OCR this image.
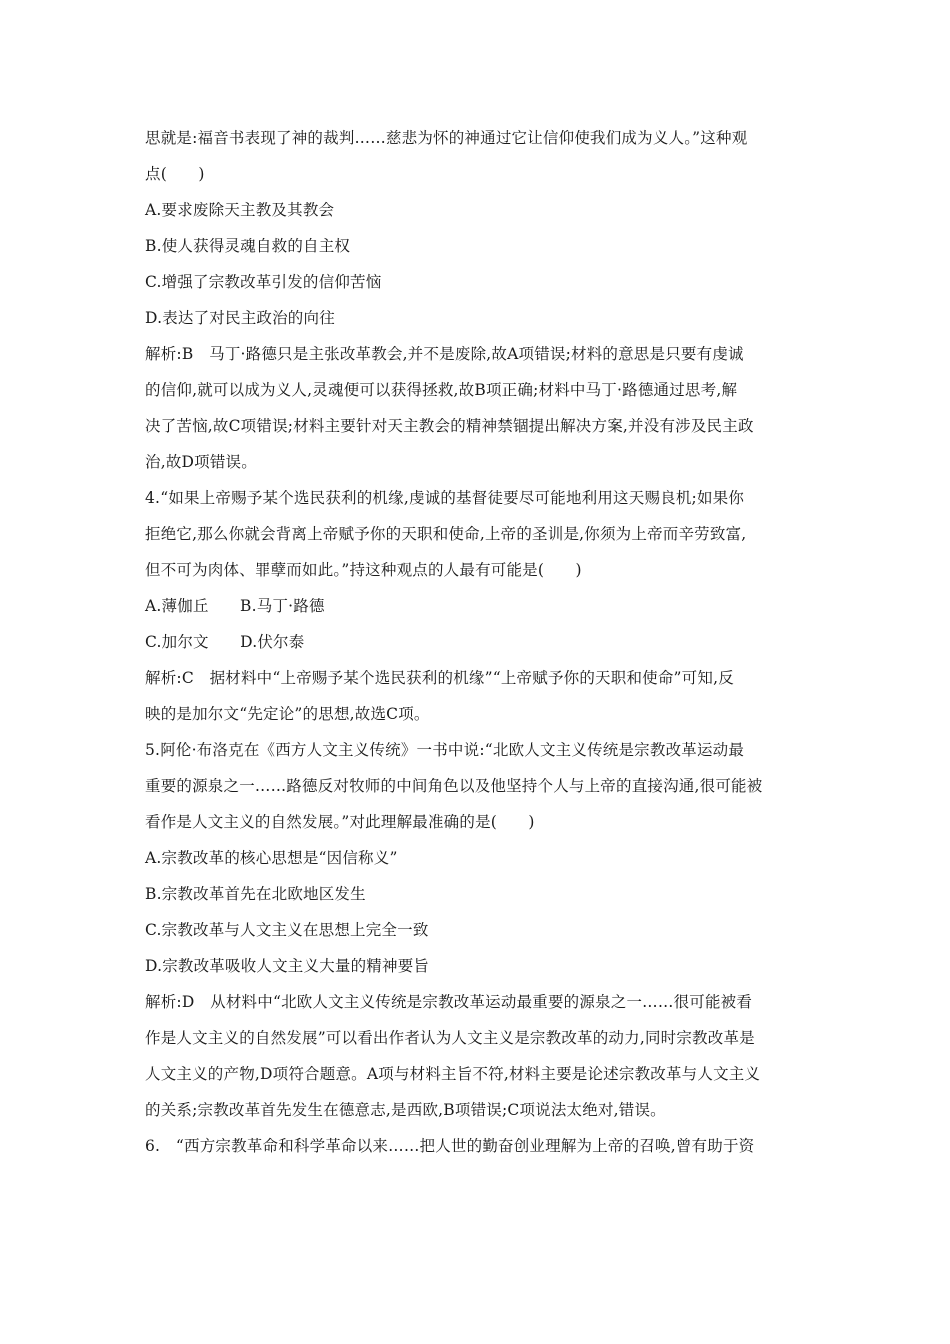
思就是:福音书表现了神的裁判……慈悲为怀的神通过它让信仰使我们成为义人。”这种观
点(　　)
A.要求废除天主教及其教会
B.使人获得灵魂自救的自主权
C.增强了宗教改革引发的信仰苦恼
D.表达了对民主政治的向往
解析:B　马丁·路德只是主张改革教会,并不是废除,故A项错误;材料的意思是只要有虔诚
的信仰,就可以成为义人,灵魂便可以获得拯救,故B项正确;材料中马丁·路德通过思考,解
决了苦恼,故C项错误;材料主要针对天主教会的精神禁锢提出解决方案,并没有涉及民主政
治,故D项错误。
4.“如果上帝赐予某个选民获利的机缘,虔诚的基督徒要尽可能地利用这天赐良机;如果你
拒绝它,那么你就会背离上帝赋予你的天职和使命,上帝的圣训是,你须为上帝而辛劳致富,
但不可为肉体、罪孽而如此。”持这种观点的人最有可能是(　　)
A.薄伽丘　　B.马丁·路德
C.加尔文　　D.伏尔泰
解析:C　据材料中“上帝赐予某个选民获利的机缘”“上帝赋予你的天职和使命”可知,反
映的是加尔文“先定论”的思想,故选C项。
5.阿伦·布洛克在《西方人文主义传统》一书中说:“北欧人文主义传统是宗教改革运动最
重要的源泉之一……路德反对牧师的中间角色以及他坚持个人与上帝的直接沟通,很可能被
看作是人文主义的自然发展。”对此理解最准确的是(　　)
A.宗教改革的核心思想是“因信称义”
B.宗教改革首先在北欧地区发生
C.宗教改革与人文主义在思想上完全一致
D.宗教改革吸收人文主义大量的精神要旨
解析:D　从材料中“北欧人文主义传统是宗教改革运动最重要的源泉之一……很可能被看
作是人文主义的自然发展”可以看出作者认为人文主义是宗教改革的动力,同时宗教改革是
人文主义的产物,D项符合题意。A项与材料主旨不符,材料主要是论述宗教改革与人文主义
的关系;宗教改革首先发生在德意志,是西欧,B项错误;C项说法太绝对,错误。
6.　“西方宗教革命和科学革命以来……把人世的勤奋创业理解为上帝的召唤,曾有助于资
